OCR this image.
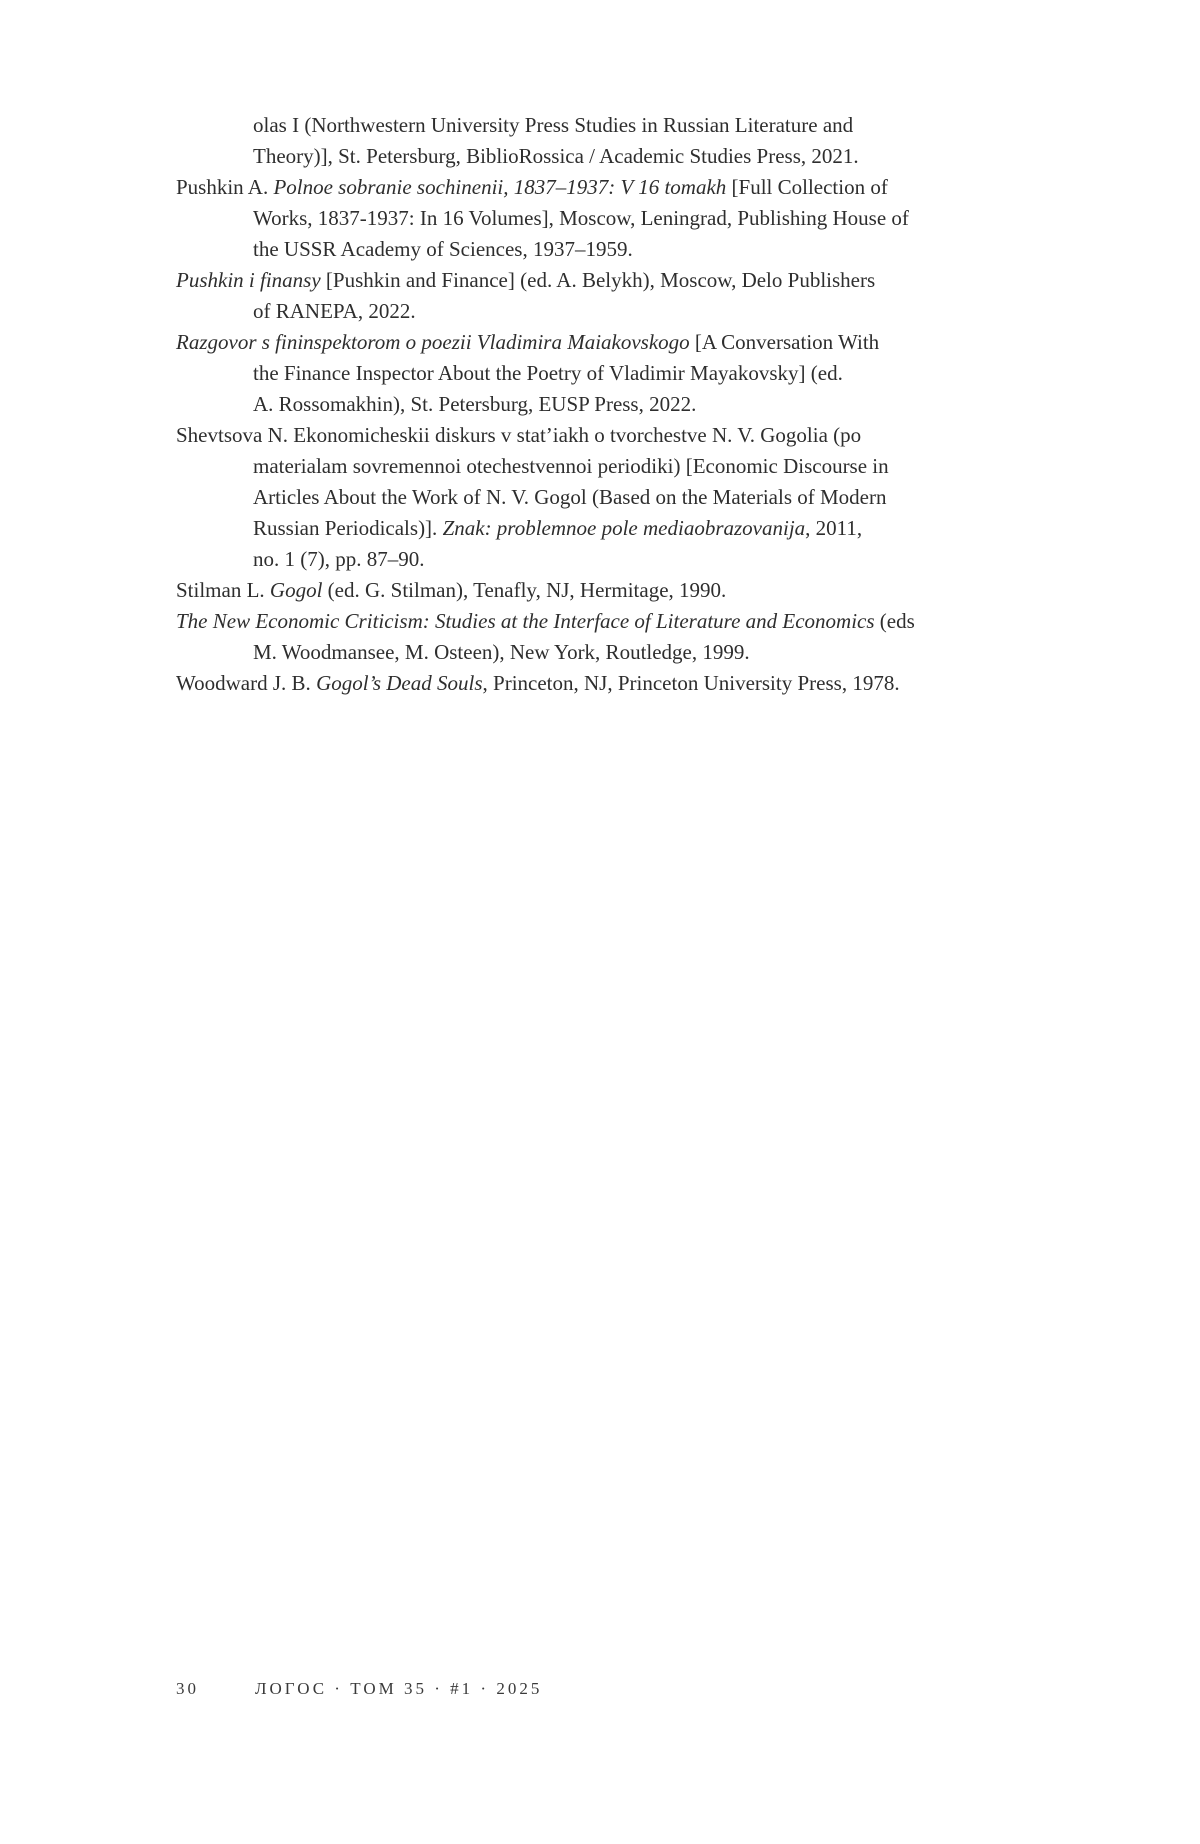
olas I (Northwestern University Press Studies in Russian Literature and
Theory)], St. Petersburg, BiblioRossica / Academic Studies Press, 2021.
Pushkin A. Polnoe sobranie sochinenii, 1837–1937: V 16 tomakh [Full Collection of
Works, 1837-1937: In 16 Volumes], Moscow, Leningrad, Publishing House of
the USSR Academy of Sciences, 1937–1959.
Pushkin i finansy [Pushkin and Finance] (ed. A. Belykh), Moscow, Delo Publishers
of RANEPA, 2022.
Razgovor s fininspektorom o poezii Vladimira Maiakovskogo [A Conversation With
the Finance Inspector About the Poetry of Vladimir Mayakovsky] (ed.
A. Rossomakhin), St. Petersburg, EUSP Press, 2022.
Shevtsova N. Ekonomicheskii diskurs v stat’iakh o tvorchestve N. V. Gogolia (po
materialam sovremennoi otechestvennoi periodiki) [Economic Discourse in
Articles About the Work of N. V. Gogol (Based on the Materials of Modern
Russian Periodicals)]. Znak: problemnoe pole mediaobrazovanija, 2011,
no. 1 (7), pp. 87–90.
Stilman L. Gogol (ed. G. Stilman), Tenafly, NJ, Hermitage, 1990.
The New Economic Criticism: Studies at the Interface of Literature and Economics (eds
M. Woodmansee, M. Osteen), New York, Routledge, 1999.
Woodward J. B. Gogol’s Dead Souls, Princeton, NJ, Princeton University Press, 1978.
30	ЛОГОС · ТОМ 35 · #1 · 2025
